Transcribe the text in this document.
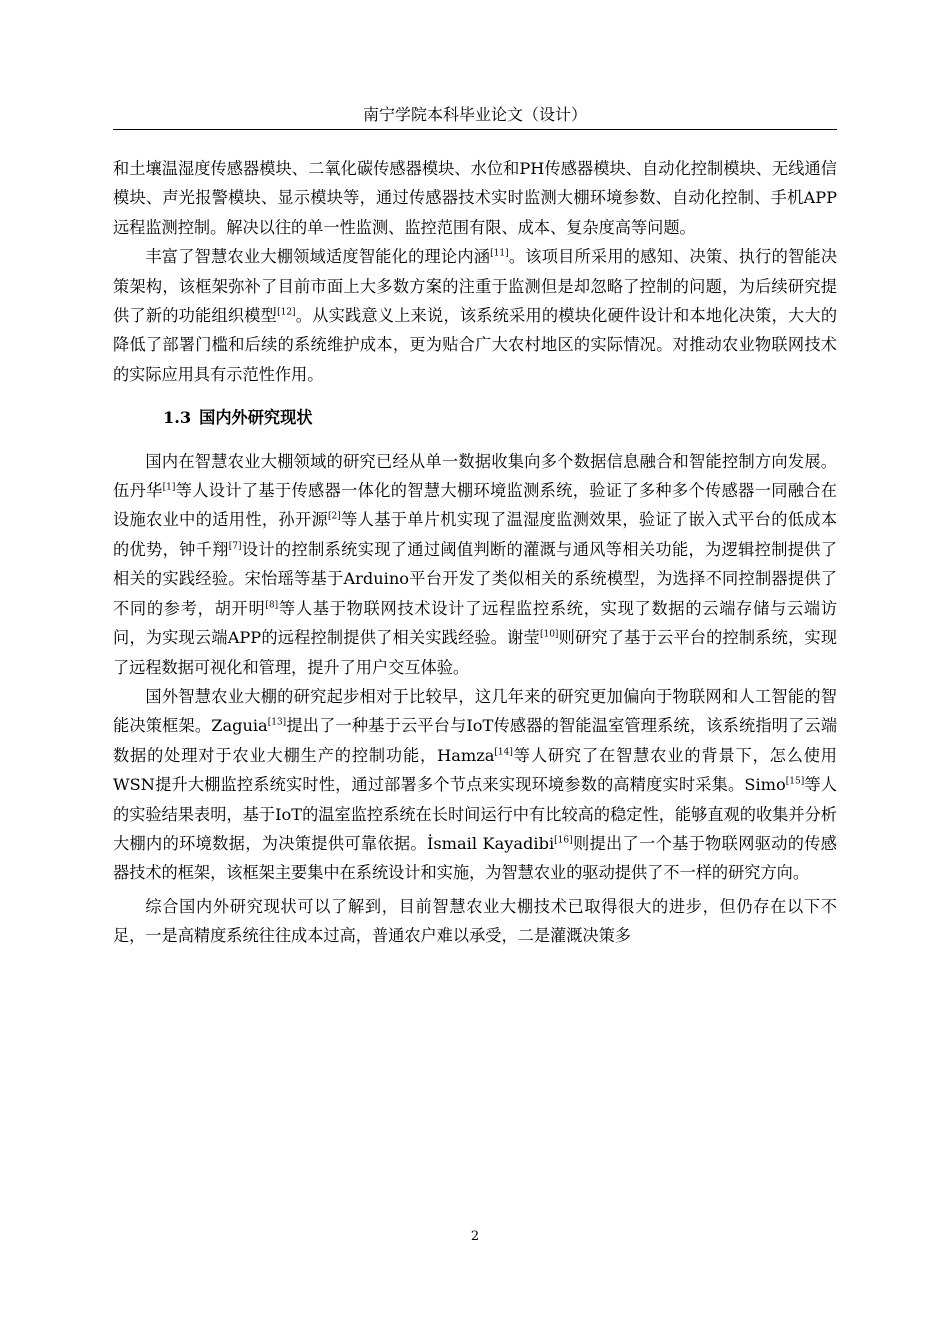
南宁学院本科毕业论文（设计）

和土壤温湿度传感器模块、二氧化碳传感器模块、水位和PH传感器模块、自动化控制模块、无线通信模块、声光报警模块、显示模块等，通过传感器技术实时监测大棚环境参数、自动化控制、手机APP远程监测控制。解决以往的单一性监测、监控范围有限、成本、复杂度高等问题。

丰富了智慧农业大棚领域适度智能化的理论内涵[11]。该项目所采用的感知、决策、执行的智能决策架构，该框架弥补了目前市面上大多数方案的注重于监测但是却忽略了控制的问题，为后续研究提供了新的功能组织模型[12]。从实践意义上来说，该系统采用的模块化硬件设计和本地化决策，大大的降低了部署门槛和后续的系统维护成本，更为贴合广大农村地区的实际情况。对推动农业物联网技术的实际应用具有示范性作用。

1.3 国内外研究现状

国内在智慧农业大棚领域的研究已经从单一数据收集向多个数据信息融合和智能控制方向发展。伍丹华[1]等人设计了基于传感器一体化的智慧大棚环境监测系统，验证了多种多个传感器一同融合在设施农业中的适用性，孙开源[2]等人基于单片机实现了温湿度监测效果，验证了嵌入式平台的低成本的优势，钟千翔[7]设计的控制系统实现了通过阈值判断的灌溉与通风等相关功能，为逻辑控制提供了相关的实践经验。宋怡瑶等基于Arduino平台开发了类似相关的系统模型，为选择不同控制器提供了不同的参考，胡开明[8]等人基于物联网技术设计了远程监控系统，实现了数据的云端存储与云端访问，为实现云端APP的远程控制提供了相关实践经验。谢莹[10]则研究了基于云平台的控制系统，实现了远程数据可视化和管理，提升了用户交互体验。

国外智慧农业大棚的研究起步相对于比较早，这几年来的研究更加偏向于物联网和人工智能的智能决策框架。Zaguia[13]提出了一种基于云平台与IoT传感器的智能温室管理系统，该系统指明了云端数据的处理对于农业大棚生产的控制功能，Hamza[14]等人研究了在智慧农业的背景下，怎么使用WSN提升大棚监控系统实时性，通过部署多个节点来实现环境参数的高精度实时采集。Simo[15]等人的实验结果表明，基于IoT的温室监控系统在长时间运行中有比较高的稳定性，能够直观的收集并分析大棚内的环境数据，为决策提供可靠依据。İsmail Kayadibi[16]则提出了一个基于物联网驱动的传感器技术的框架，该框架主要集中在系统设计和实施，为智慧农业的驱动提供了不一样的研究方向。

综合国内外研究现状可以了解到，目前智慧农业大棚技术已取得很大的进步，但仍存在以下不足，一是高精度系统往往成本过高，普通农户难以承受，二是灌溉决策多

2
